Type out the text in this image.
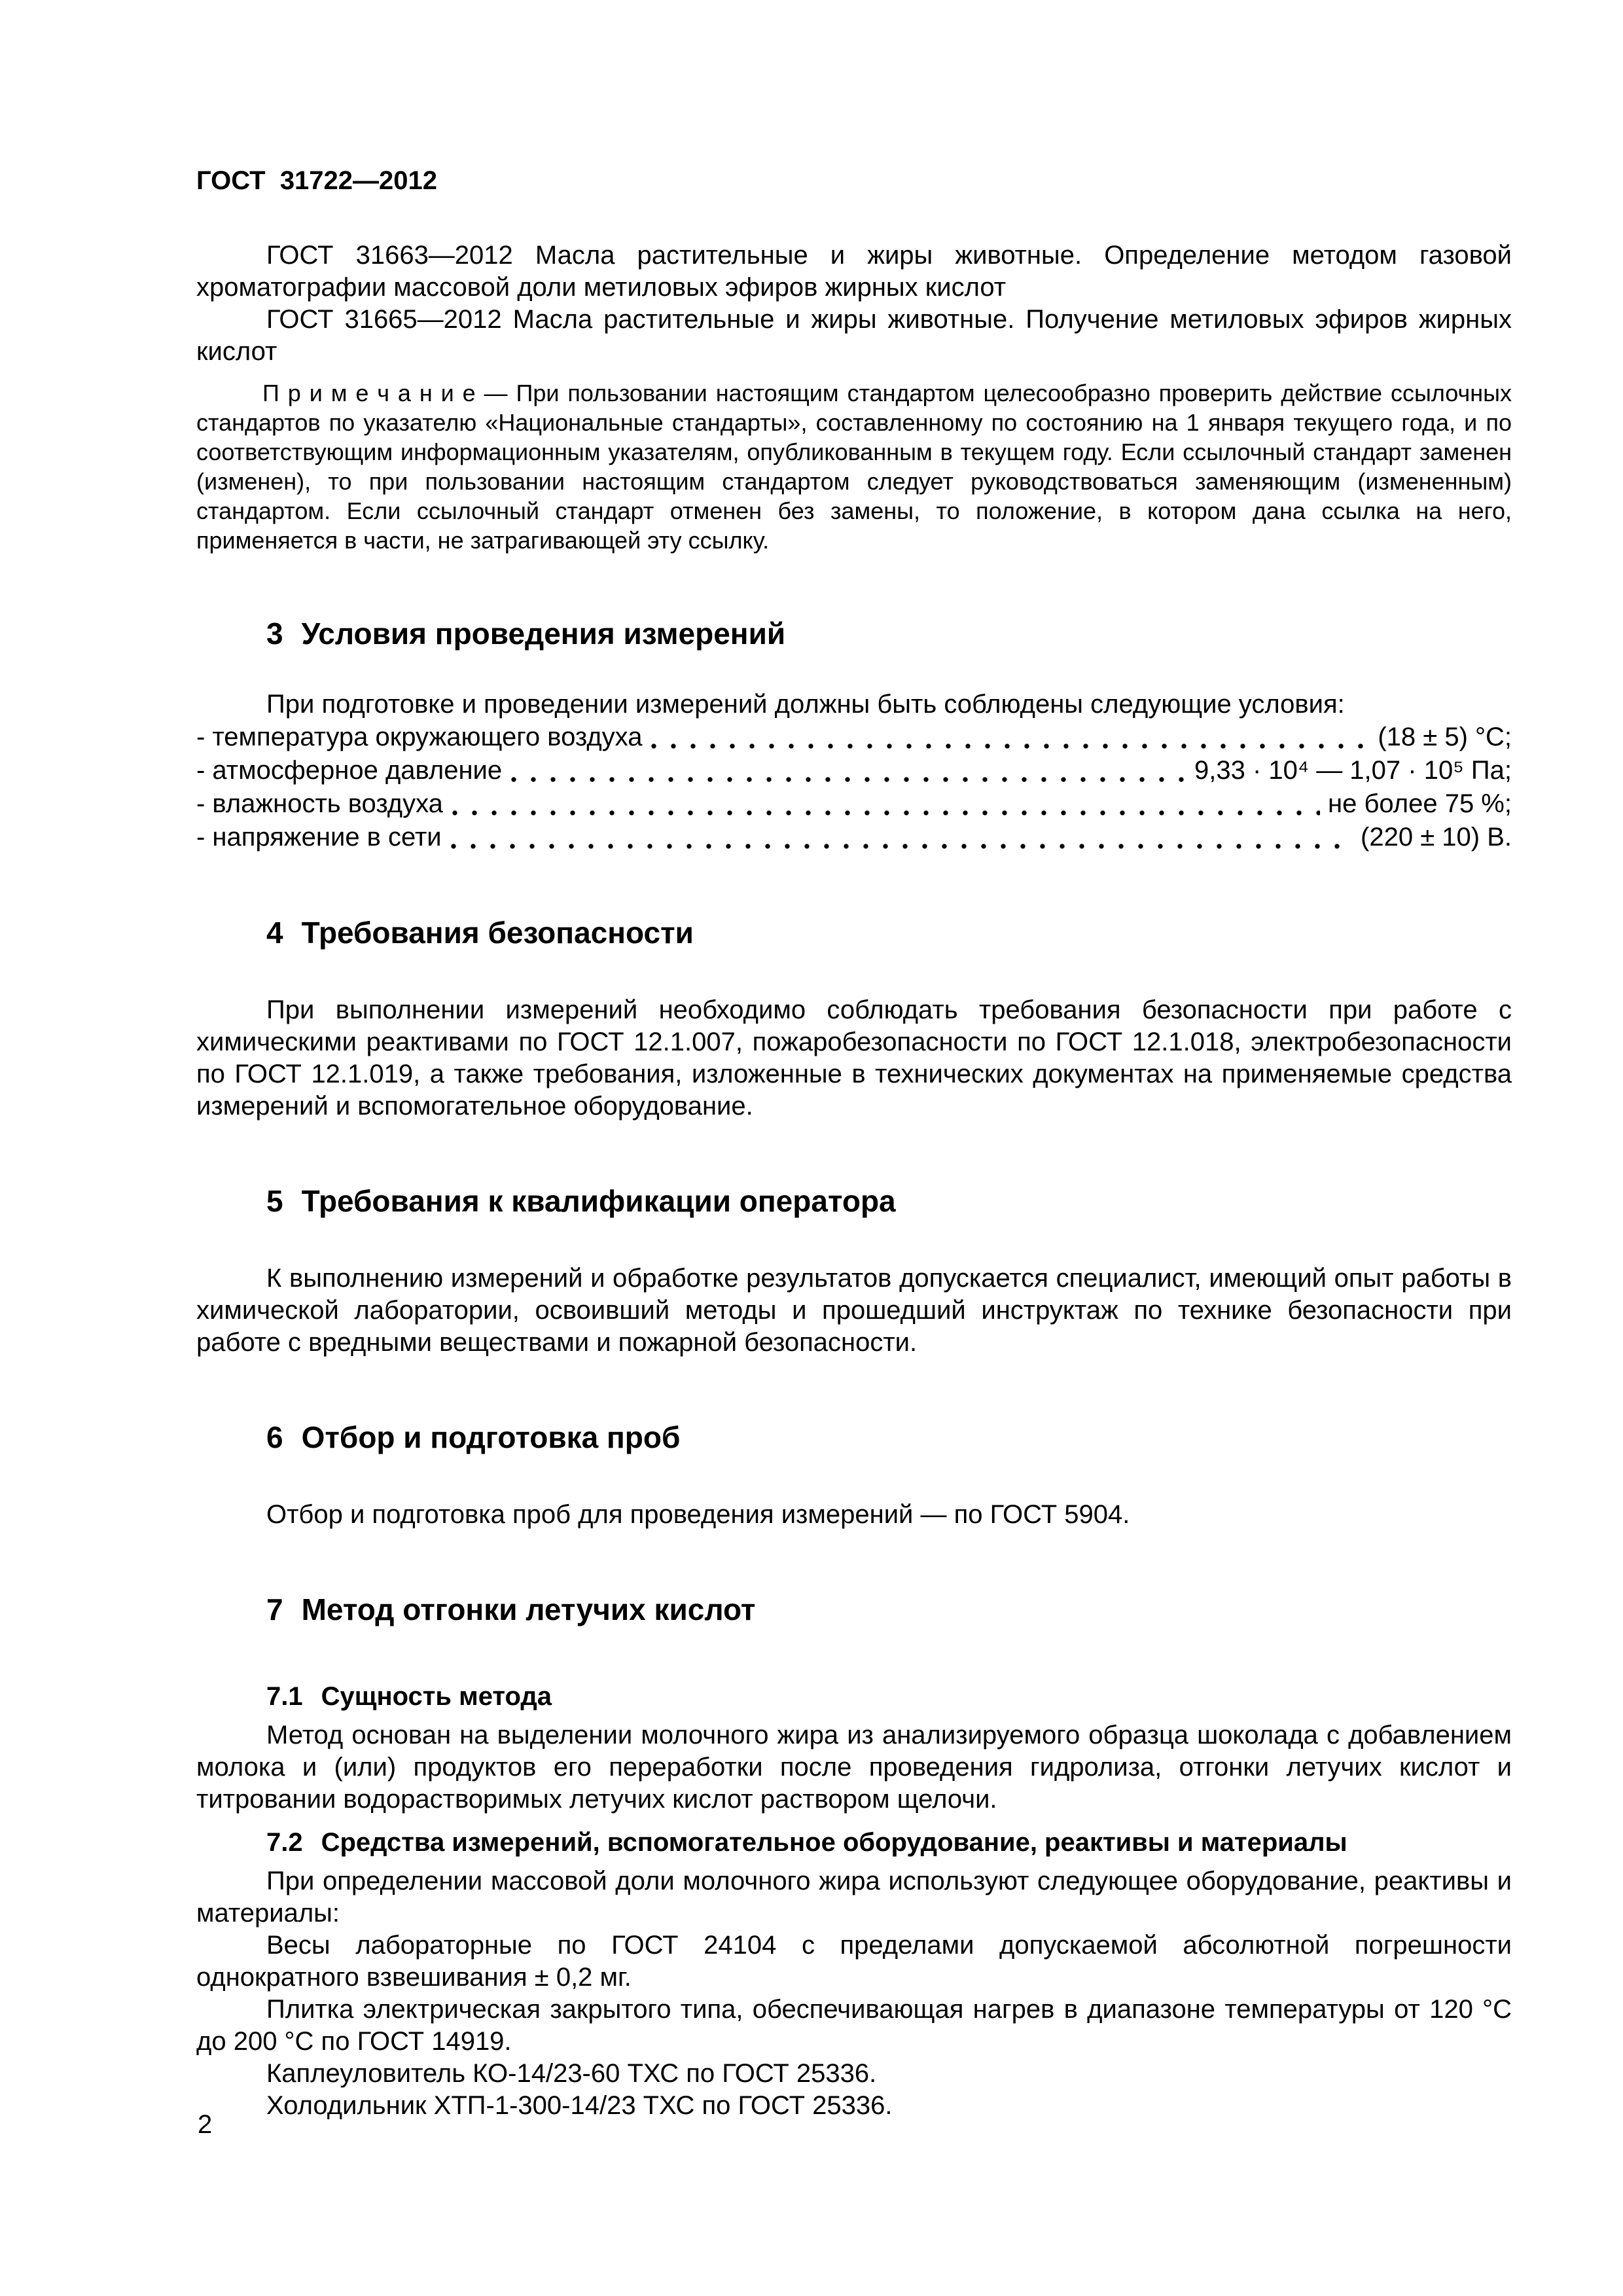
ГОСТ  31722—2012

ГОСТ 31663—2012 Масла растительные и жиры животные. Определение методом газовой хроматографии массовой доли метиловых эфиров жирных кислот

ГОСТ 31665—2012 Масла растительные и жиры животные. Получение метиловых эфиров жирных кислот

П р и м е ч а н и е — При пользовании настоящим стандартом целесообразно проверить действие ссылочных стандартов по указателю «Национальные стандарты», составленному по состоянию на 1 января текущего года, и по соответствующим информационным указателям, опубликованным в текущем году. Если ссылочный стандарт заменен (изменен), то при пользовании настоящим стандартом следует руководствоваться заменяющим (измененным) стандартом. Если ссылочный стандарт отменен без замены, то положение, в котором дана ссылка на него, применяется в части, не затрагивающей эту ссылку.

3 Условия проведения измерений

При подготовке и проведении измерений должны быть соблюдены следующие условия:

- температура окружающего воздуха	(18 ± 5) °С;
- атмосферное давление	9,33 · 10⁴ — 1,07 · 10⁵ Па;
- влажность воздуха	не более 75 %;
- напряжение в сети	(220 ± 10) В.
4 Требования безопасности

При выполнении измерений необходимо соблюдать требования безопасности при работе с химическими реактивами по ГОСТ 12.1.007, пожаробезопасности по ГОСТ 12.1.018, электробезопасности по ГОСТ 12.1.019, а также требования, изложенные в технических документах на применяемые средства измерений и вспомогательное оборудование.

5 Требования к квалификации оператора

К выполнению измерений и обработке результатов допускается специалист, имеющий опыт работы в химической лаборатории, освоивший методы и прошедший инструктаж по технике безопасности при работе с вредными веществами и пожарной безопасности.

6 Отбор и подготовка проб

Отбор и подготовка проб для проведения измерений — по ГОСТ 5904.

7 Метод отгонки летучих кислот
7.1 Сущность метода

Метод основан на выделении молочного жира из анализируемого образца шоколада с добавлением молока и (или) продуктов его переработки после проведения гидролиза, отгонки летучих кислот и титровании водорастворимых летучих кислот раствором щелочи.

7.2 Средства измерений, вспомогательное оборудование, реактивы и материалы

При определении массовой доли молочного жира используют следующее оборудование, реактивы и материалы:

Весы лабораторные по ГОСТ 24104 с пределами допускаемой абсолютной погрешности однократного взвешивания ± 0,2 мг.

Плитка электрическая закрытого типа, обеспечивающая нагрев в диапазоне температуры от 120 °С до 200 °С по ГОСТ 14919.

Каплеуловитель КО-14/23-60 ТХС по ГОСТ 25336.

Холодильник ХТП-1-300-14/23 ТХС по ГОСТ 25336.

2
